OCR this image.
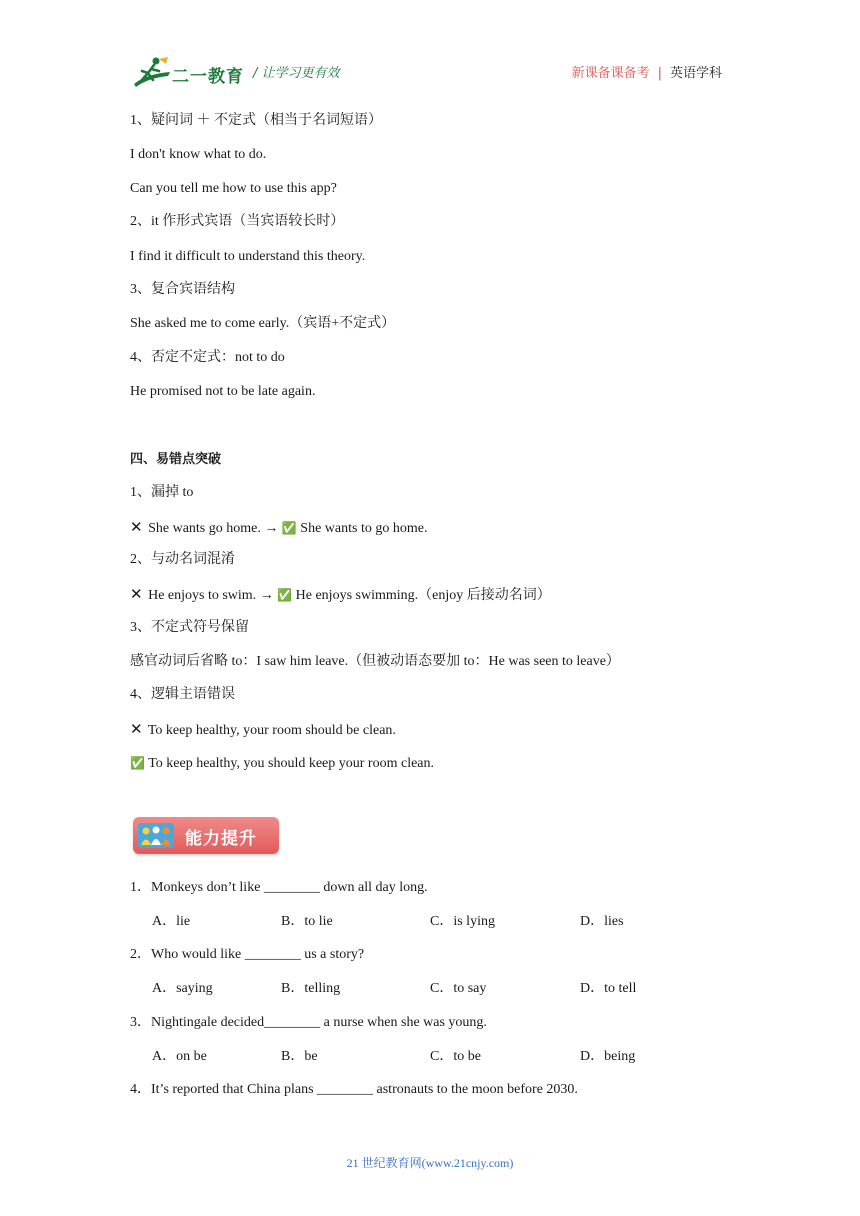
二一教育 / 让学习更有效	新课备课备考 | 英语学科
1、疑问词 ＋ 不定式（相当于名词短语）
I don't know what to do.
Can you tell me how to use this app?
2、it 作形式宾语（当宾语较长时）
I find it difficult to understand this theory.
3、复合宾语结构
She asked me to come early.（宾语+不定式）
4、否定不定式：not to do
He promised not to be late again.
四、易错点突破
1、漏掉 to
✕ She wants go home. → ✅ She wants to go home.
2、与动名词混淆
✕ He enjoys to swim. → ✅ He enjoys swimming.（enjoy 后接动名词）
3、不定式符号保留
感官动词后省略 to：I saw him leave.（但被动语态要加 to：He was seen to leave）
4、逻辑主语错误
✕ To keep healthy, your room should be clean.
✅ To keep healthy, you should keep your room clean.
能力提升
1．Monkeys don’t like ________ down all day long.
A．lie	B．to lie	C．is lying	D．lies
2．Who would like ________ us a story?
A．saying	B．telling	C．to say	D．to tell
3．Nightingale decided________ a nurse when she was young.
A．on be	B．be	C．to be	D．being
4．It’s reported that China plans ________ astronauts to the moon before 2030.
21 世纪教育网(www.21cnjy.com)
